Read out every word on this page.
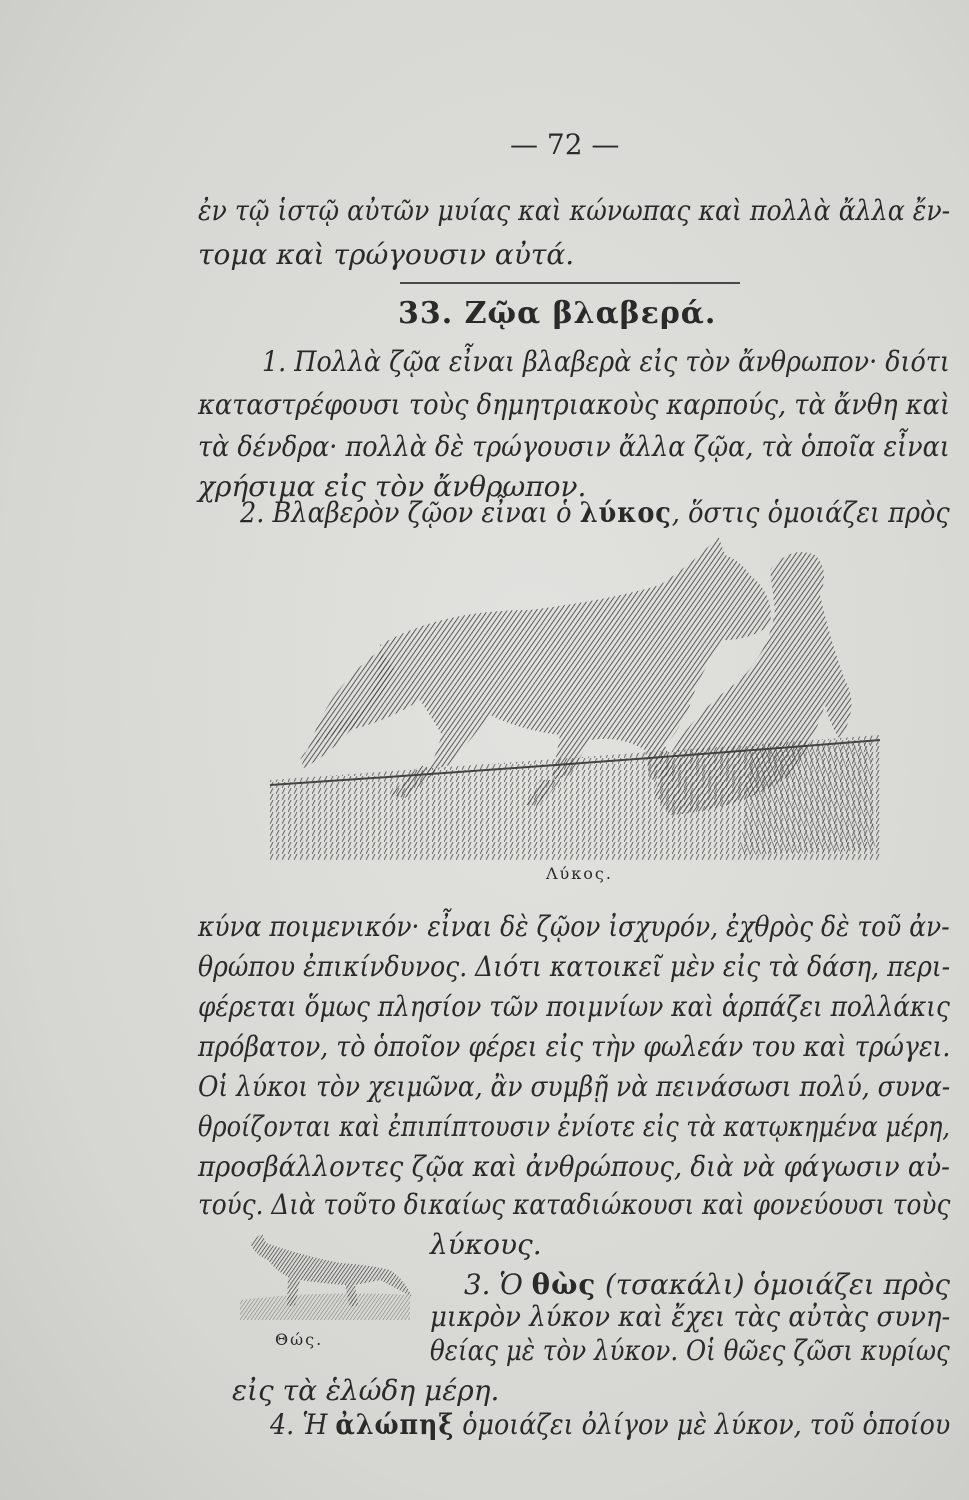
— 72 —
ἐν τῷ ἱστῷ αὐτῶν μυίας καὶ κώνωπας καὶ πολλὰ ἄλλα ἔν-
τομα καὶ τρώγουσιν αὐτά.
33. Ζῷα βλαβερά.
1. Πολλὰ ζῷα εἶναι βλαβερὰ εἰς τὸν ἄνθρωπον· διότι
καταστρέφουσι τοὺς δημητριακοὺς καρπούς, τὰ ἄνθη καὶ
τὰ δένδρα· πολλὰ δὲ τρώγουσιν ἄλλα ζῷα, τὰ ὁποῖα εἶναι
χρήσιμα εἰς τὸν ἄνθρωπον.
2. Βλαβερὸν ζῷον εἶναι ὁ λύκος, ὅστις ὁμοιάζει πρὸς
Λύκος.
κύνα ποιμενικόν· εἶναι δὲ ζῷον ἰσχυρόν, ἐχθρὸς δὲ τοῦ ἀν-
θρώπου ἐπικίνδυνος. Διότι κατοικεῖ μὲν εἰς τὰ δάση, περι-
φέρεται ὅμως πλησίον τῶν ποιμνίων καὶ ἁρπάζει πολλάκις
πρόβατον, τὸ ὁποῖον φέρει εἰς τὴν φωλεάν του καὶ τρώγει.
Οἱ λύκοι τὸν χειμῶνα, ἂν συμβῇ νὰ πεινάσωσι πολύ, συνα-
θροίζονται καὶ ἐπιπίπτουσιν ἐνίοτε εἰς τὰ κατῳκημένα μέρη,
προσβάλλοντες ζῷα καὶ ἀνθρώπους, διὰ νὰ φάγωσιν αὐ-
τούς. Διὰ τοῦτο δικαίως καταδιώκουσι καὶ φονεύουσι τοὺς
λύκους.
Θώς.
3. Ὁ θὼς (τσακάλι) ὁμοιάζει πρὸς
μικρὸν λύκον καὶ ἔχει τὰς αὐτὰς συνη-
θείας μὲ τὸν λύκον. Οἱ θῶες ζῶσι κυρίως
εἰς τὰ ἑλώδη μέρη.
4. Ἡ ἀλώπηξ ὁμοιάζει ὀλίγον μὲ λύκον, τοῦ ὁποίου
